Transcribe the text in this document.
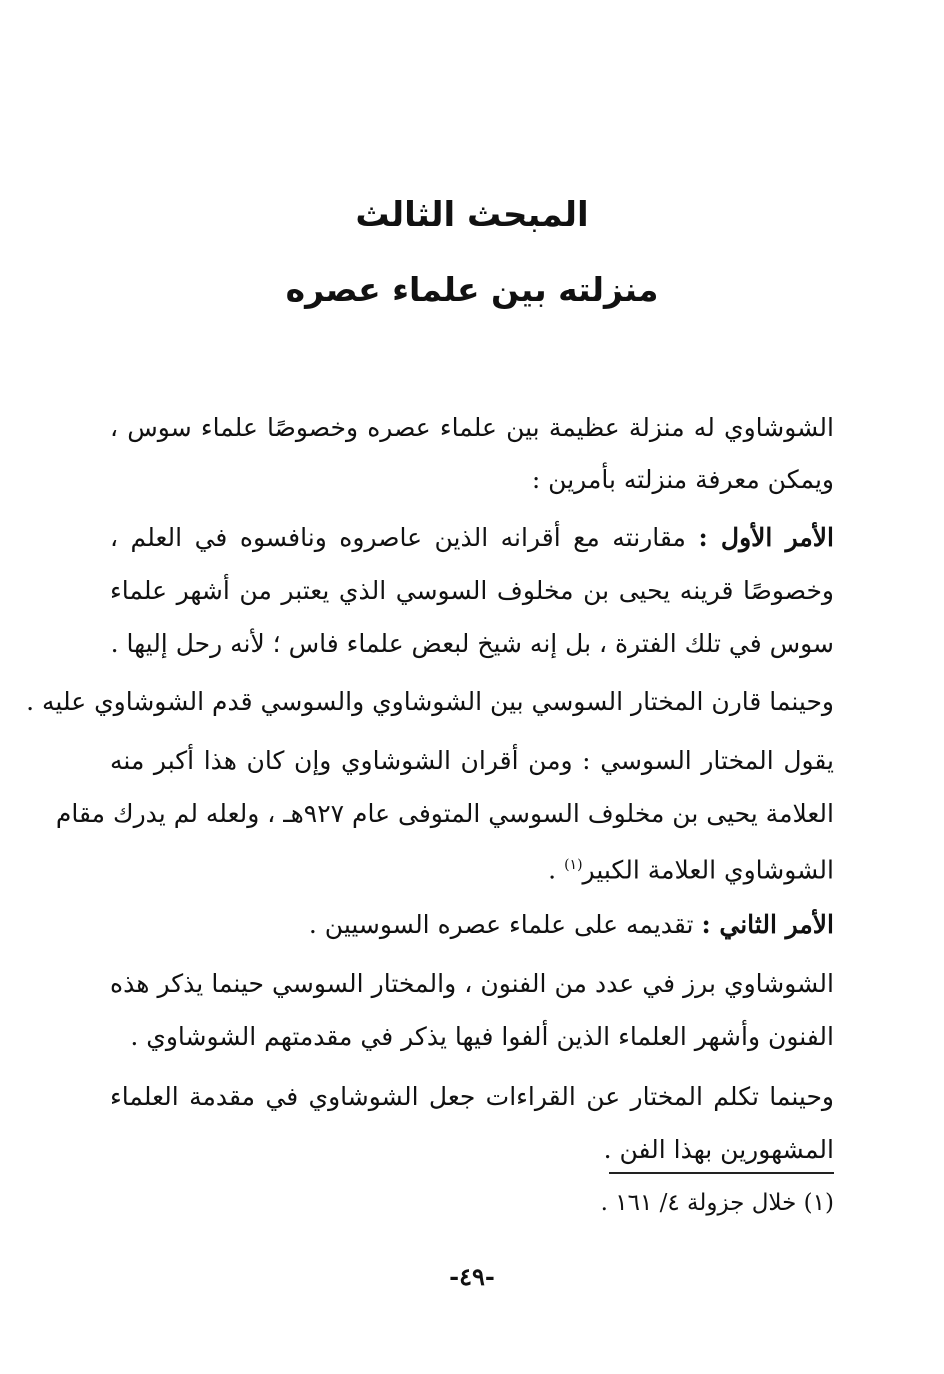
المبحث الثالث
منزلته بين علماء عصره
الشوشاوي له منزلة عظيمة بين علماء عصره وخصوصًا علماء سوس ،
ويمكن معرفة منزلته بأمرين :
الأمر الأول : مقارنته مع أقرانه الذين عاصروه ونافسوه في العلم ،
وخصوصًا قرينه يحيى بن مخلوف السوسي الذي يعتبر من أشهر علماء
سوس في تلك الفترة ، بل إنه شيخ لبعض علماء فاس ؛ لأنه رحل إليها .
وحينما قارن المختار السوسي بين الشوشاوي والسوسي قدم الشوشاوي عليه .
يقول المختار السوسي : ومن أقران الشوشاوي وإن كان هذا أكبر منه
العلامة يحيى بن مخلوف السوسي المتوفى عام ٩٢٧هـ ، ولعله لم يدرك مقام
الشوشاوي العلامة الكبير$^{(١)}$ .
الأمر الثاني : تقديمه على علماء عصره السوسيين .
الشوشاوي برز في عدد من الفنون ، والمختار السوسي حينما يذكر هذه
الفنون وأشهر العلماء الذين ألفوا فيها يذكر في مقدمتهم الشوشاوي .
وحينما تكلم المختار عن القراءات جعل الشوشاوي في مقدمة العلماء
المشهورين بهذا الفن .
(١) خلال جزولة ٤/ ١٦١ .
-٤٩-
